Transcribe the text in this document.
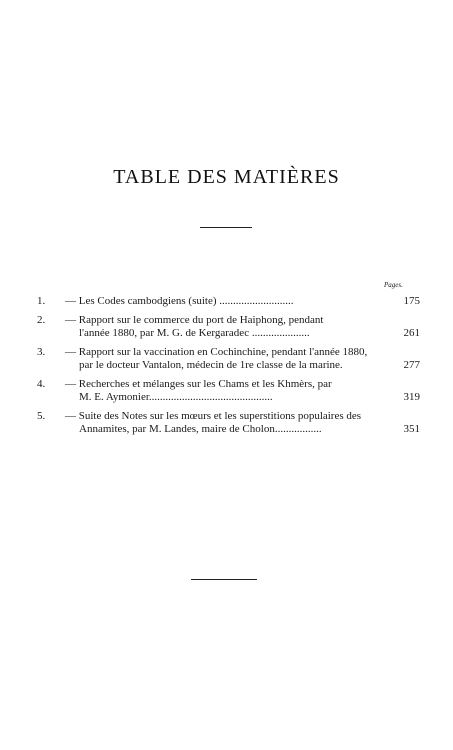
TABLE DES MATIÈRES
Pages.
1.	— Les Codes cambodgiens (suite) ...........................	175
2.	— Rapport sur le commerce du port de Haiphong, pendant
l'année 1880, par M. G. de Kergaradec .....................	261
3.	— Rapport sur la vaccination en Cochinchine, pendant l'année 1880,
par le docteur Vantalon, médecin de 1re classe de la marine.	277
4.	— Recherches et mélanges sur les Chams et les Khmèrs, par
M. E. Aymonier.............................................	319
5.	— Suite des Notes sur les mœurs et les superstitions populaires des
Annamites, par M. Landes, maire de Cholon.................	351
